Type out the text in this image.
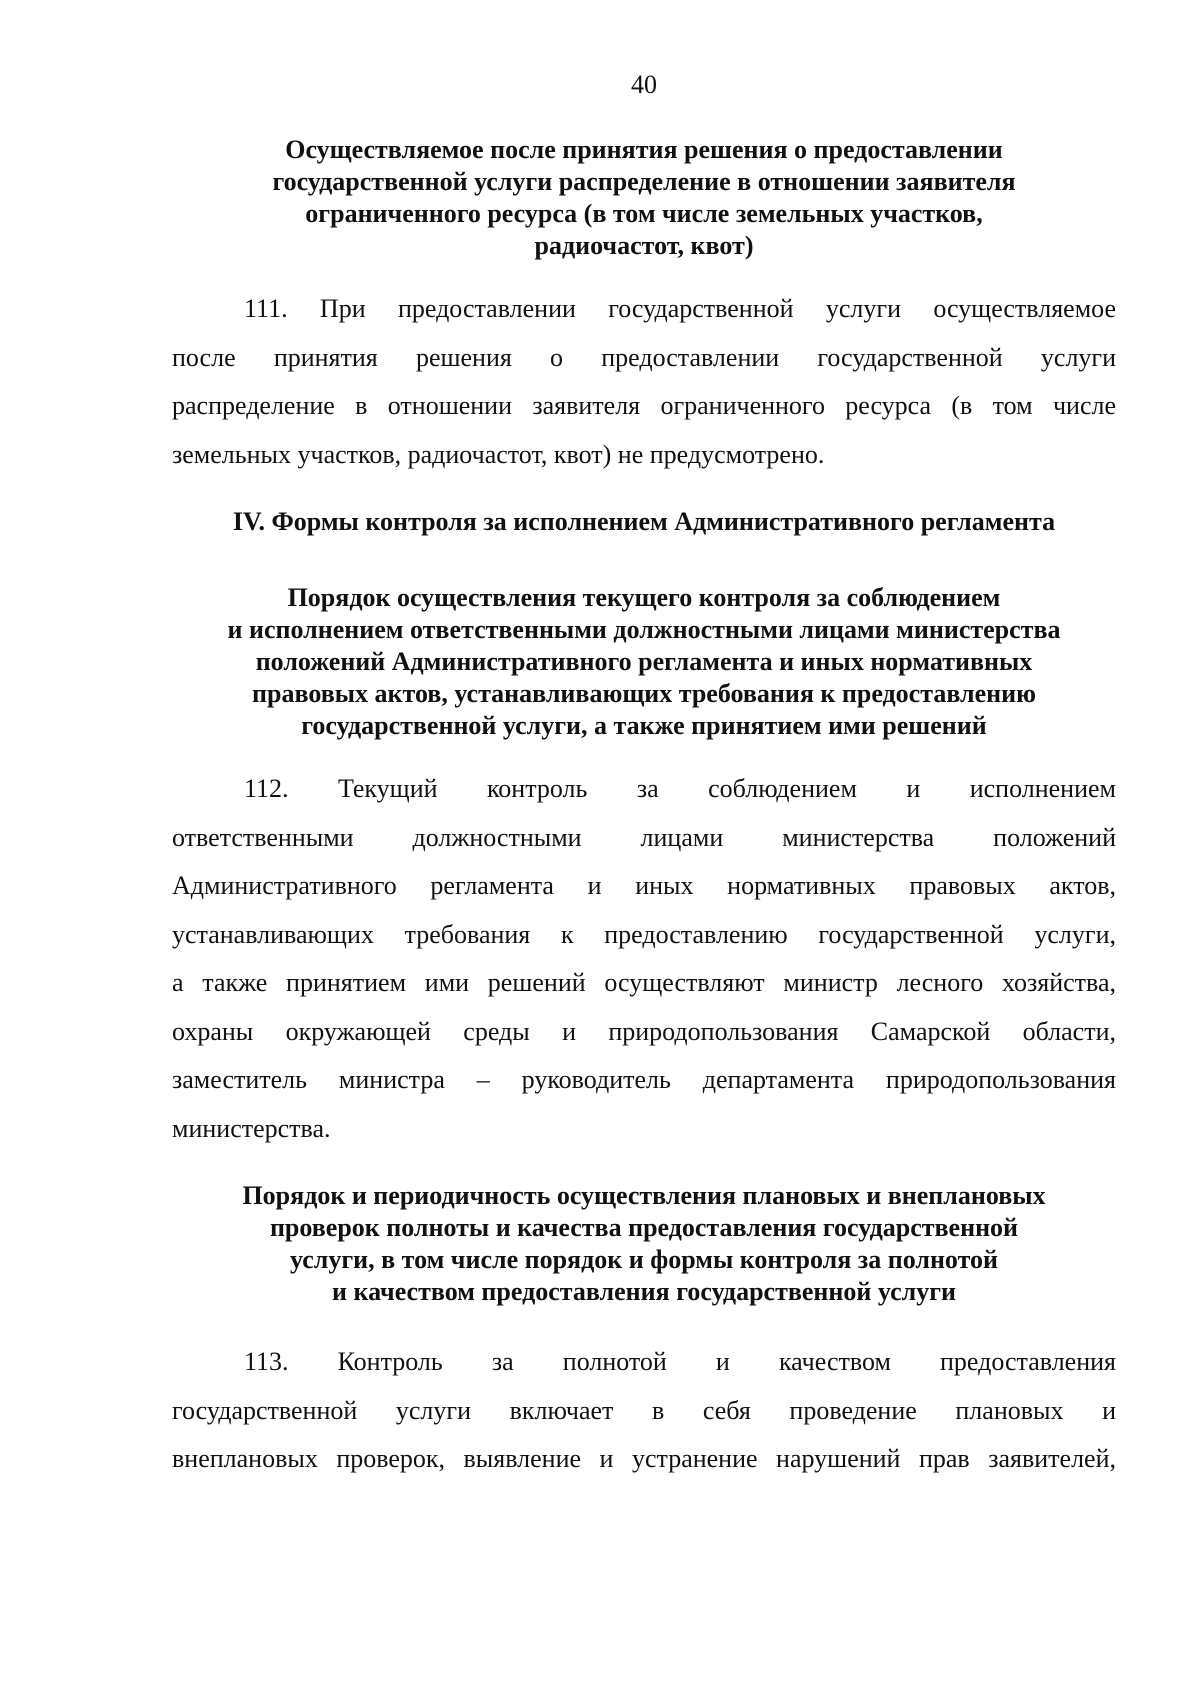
40
Осуществляемое после принятия решения о предоставлении
государственной услуги распределение в отношении заявителя
ограниченного ресурса (в том числе земельных участков,
радиочастот, квот)
111. При предоставлении государственной услуги осуществляемое
после принятия решения о предоставлении государственной услуги
распределение в отношении заявителя ограниченного ресурса (в том числе
земельных участков, радиочастот, квот) не предусмотрено.
IV. Формы контроля за исполнением Административного регламента
Порядок осуществления текущего контроля за соблюдением
и исполнением ответственными должностными лицами министерства
положений Административного регламента и иных нормативных
правовых актов, устанавливающих требования к предоставлению
государственной услуги, а также принятием ими решений
112. Текущий контроль за соблюдением и исполнением
ответственными должностными лицами министерства положений
Административного регламента и иных нормативных правовых актов,
устанавливающих требования к предоставлению государственной услуги,
а также принятием ими решений осуществляют министр лесного хозяйства,
охраны окружающей среды и природопользования Самарской области,
заместитель министра – руководитель департамента природопользования
министерства.
Порядок и периодичность осуществления плановых и внеплановых
проверок полноты и качества предоставления государственной
услуги, в том числе порядок и формы контроля за полнотой
и качеством предоставления государственной услуги
113. Контроль за полнотой и качеством предоставления
государственной услуги включает в себя проведение плановых и
внеплановых проверок, выявление и устранение нарушений прав заявителей,
